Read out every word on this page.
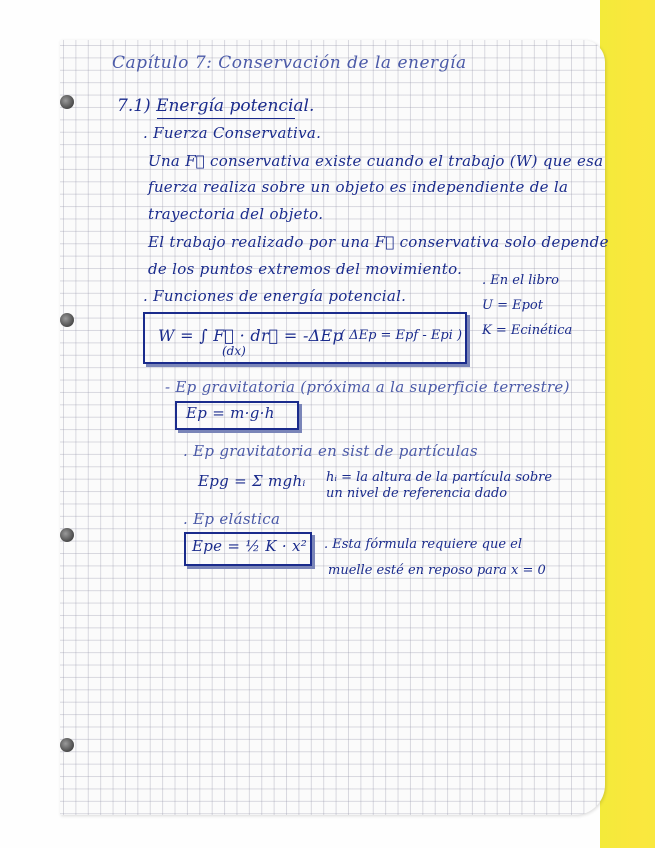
Capítulo 7: Conservación de la energía
7.1) Energía potencial.
. Fuerza Conservativa.
Una F⃗ conservativa existe cuando el trabajo (W) que esa
fuerza realiza sobre un objeto es independiente de la
trayectoria del objeto.
El trabajo realizado por una F⃗ conservativa solo depende
de los puntos extremos del movimiento.
. En el libro
U = Epot
K = Ecinética
. Funciones de energía potencial.
W = ∫ F⃗ · dr⃗ = -ΔEp
(dx)
( ΔEp = Epf - Epi )
- Ep gravitatoria (próxima a la superficie terrestre)
Ep = m·g·h
. Ep gravitatoria en sist de partículas
Epg = Σ mghᵢ hᵢ = la altura de la partícula sobre
un nivel de referencia dado
. Ep elástica
Epe = ½ K · x² . Esta fórmula requiere que el
muelle esté en reposo para x = 0
